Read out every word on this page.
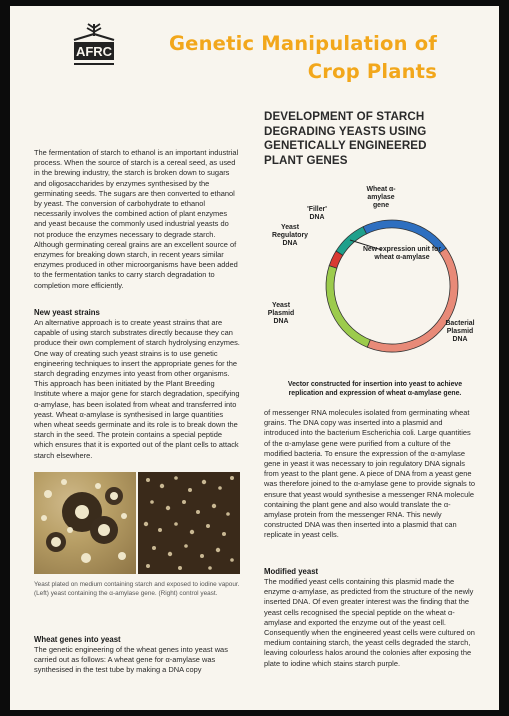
AFRC	Genetic Manipulation of
Crop Plants

The fermentation of starch to ethanol is an important industrial process. When the source of starch is a cereal seed, as used in the brewing industry, the starch is broken down to sugars and oligosaccharides by enzymes synthesised by the germinating seeds. The sugars are then converted to ethanol by yeast. The conversion of carbohydrate to ethanol necessarily involves the combined action of plant enzymes and yeast because the commonly used industrial yeasts do not produce the enzymes necessary to degrade starch. Although germinating cereal grains are an excellent source of enzymes for breaking down starch, in recent years similar enzymes produced in other microorganisms have been added to the fermentation tanks to carry starch degradation to completion more efficiently.

New yeast strains

An alternative approach is to create yeast strains that are capable of using starch substrates directly because they can produce their own complement of starch hydrolysing enzymes. One way of creating such yeast strains is to use genetic engineering techniques to insert the appropriate genes for the starch degrading enzymes into yeast from other organisms. This approach has been initiated by the Plant Breeding Institute where a major gene for starch degradation, specifying α-amylase, has been isolated from wheat and transferred into yeast. Wheat α-amylase is synthesised in large quantities when wheat seeds germinate and its role is to break down the starch in the seed. The protein contains a special peptide which ensures that it is exported out of the plant cells to attack starch elsewhere.

Yeast plated on medium containing starch and exposed to iodine vapour. (Left) yeast containing the α-amylase gene. (Right) control yeast.
Wheat genes into yeast

The genetic engineering of the wheat genes into yeast was carried out as follows: A wheat gene for α-amylase was synthesised in the test tube by making a DNA copy

DEVELOPMENT OF STARCH
DEGRADING YEASTS USING
GENETICALLY ENGINEERED
PLANT GENES
Wheat α-amylase gene
'Filler' DNA
Yeast Regulatory DNA
New expression unit for wheat α-amylase
Yeast Plasmid DNA	Bacterial Plasmid DNA
Vector constructed for insertion into yeast to achieve replication and expression of wheat α-amylase gene.

of messenger RNA molecules isolated from germinating wheat grains. The DNA copy was inserted into a plasmid and introduced into the bacterium Escherichia coli. Large quantities of the α-amylase gene were purified from a culture of the modified bacteria. To ensure the expression of the α-amylase gene in yeast it was necessary to join regulatory DNA signals from yeast to the plant gene. A piece of DNA from a yeast gene was therefore joined to the α-amylase gene to provide signals to ensure that yeast would synthesise a messenger RNA molecule containing the plant gene and also would translate the α-amylase protein from the messenger RNA. This newly constructed DNA was then inserted into a plasmid that can replicate in yeast cells.

Modified yeast

The modified yeast cells containing this plasmid made the enzyme α-amylase, as predicted from the structure of the newly inserted DNA. Of even greater interest was the finding that the yeast cells recognised the special peptide on the wheat α-amylase and exported the enzyme out of the yeast cell. Consequently when the engineered yeast cells were cultured on medium containing starch, the yeast cells degraded the starch, leaving colourless halos around the colonies after exposing the plate to iodine which stains starch purple.
